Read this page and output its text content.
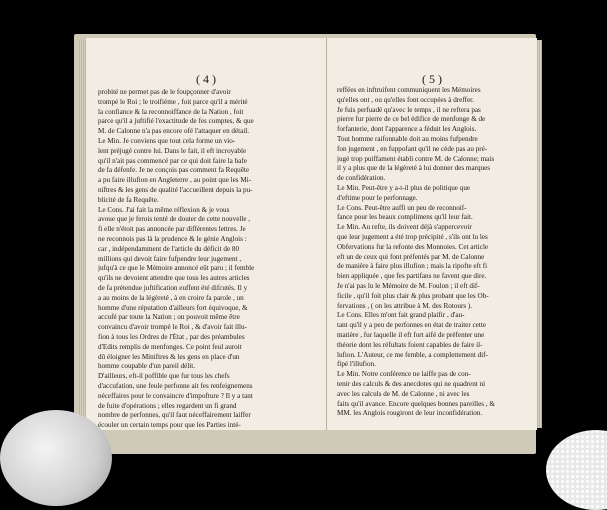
( 4 )
probité ne permet pas de le foupçonner d'avoir
trompé le Roi ; le troifième , foit parce qu'il a mérité
la confiance & la reconnoiffance de la Nation , foit
parce qu'il a juftifié l'exactitude de fes comptes, & que
M. de Calonne n'a pas encore ofé l'attaquer en détail.
Le Min. Je conviens que tout cela forme un vio-
lent préjugé contre lui. Dans le fait, il eft incroyable
qu'il n'ait pas commencé par ce qui doit faire la bafe
de fa défenfe. Je ne conçois pas comment fa Requête
a pu faire illufion en Angleterre , au point que les Mi-
niftres & les gens de qualité l'accueillent depuis la pu-
blicité de fa Requête.
Le Cons. J'ai fait la même réflexion & je vous
avoue que je ferois tenté de douter de cette nouvelle ,
fi elle n'étoit pas annoncée par différentes lettres. Je
ne reconnois pas là la prudence & le génie Anglois :
car , indépendamment de l'article du déficit de 80
millions qui devoit faire fufpendre leur jugement ,
jufqu'à ce que le Mémoire annoncé eût paru ; il femble
qu'ils ne devoient attendre que tous les autres articles
de fa prétendue juftification euffent été difcutés. Il y
a au moins de la légèreté , à en croire fa parole , un
homme d'une réputation d'ailleurs fort équivoque, &
accufé par toute la Nation ; on pouvoit même être
convaincu d'avoir trompé le Roi , & d'avoir fait illu-
fion à tous les Ordres de l'État , par des préambules
d'Edits remplis de menfonges. Ce point feul auroit
dû éloigner les Miniftres & les gens en place d'un
homme coupable d'un pareil délit.
D'ailleurs, eft-il poffible que fur tous les chefs
d'accufation, une feule perfonne ait fes renfeignemens
néceffaires pour le convaincre d'impofture ? Il y a tant
de fuite d'opérations ; elles regardent un fi grand
nombre de perfonnes, qu'il faut néceffairement laiffer
écouler un certain temps pour que les Parties inté-
( 5 )
reffées en inftruifent communiquent les Mémoires
qu'elles ont , ou qu'elles font occupées à dreffer.
Je fuis perfuadé qu'avec le temps , il ne reftera pas
pierre fur pierre de ce bel édifice de menfonge & de
forfanterie, dont l'apparence a féduit les Anglois.
Tout homme raifonnable doit au moins fufpendre
fon jugement , en fuppofant qu'il ne cède pas au pré-
jugé trop puiffament établi contre M. de Calonne; mais
il y a plus que de la légèreté à lui donner des marques
de confidération.
Le Min. Peut-être y a-t-il plus de politique que
d'eftime pour le perfonnage.
Le Cons. Peut-être auffi un peu de reconnoif-
fance pour les beaux complimens qu'il leur fait.
Le Min. Au refte, ils doivent déjà s'appercevoir
que leur jugement a été trop précipité , s'ils ont lu les
Obfervations fur la refonte des Monnoies. Cet article
eft un de ceux qui font préfentés par M. de Calonne
de manière à faire plus illufion ; mais la ripofte eft fi
bien appliquée , que fes partifans ne favent que dire.
Je n'ai pas lu le Mémoire de M. Foulon ; il eft dif-
ficile , qu'il foit plus clair & plus probant que les Ob-
fervations , ( on les attribue à M. des Rotours ).
Le Cons. Elles m'ont fait grand plaifir , d'au-
tant qu'il y a peu de perfonnes en état de traiter cette
matière , fur laquelle il eft fort aifé de préfenter une
théorie dont les réfultats foient capables de faire il-
lufion. L'Auteur, ce me femble, a complettement dif-
fipé l'illufion.
Le Min. Notre conférence ne laiffe pas de con-
tenir des calculs & des anecdotes qui ne quadrent ni
avec les calculs de M. de Calonne , ni avec les
faits qu'il avance. Encore quelques bonnes pareilles , &
MM. les Anglois rougiront de leur inconfidération.
